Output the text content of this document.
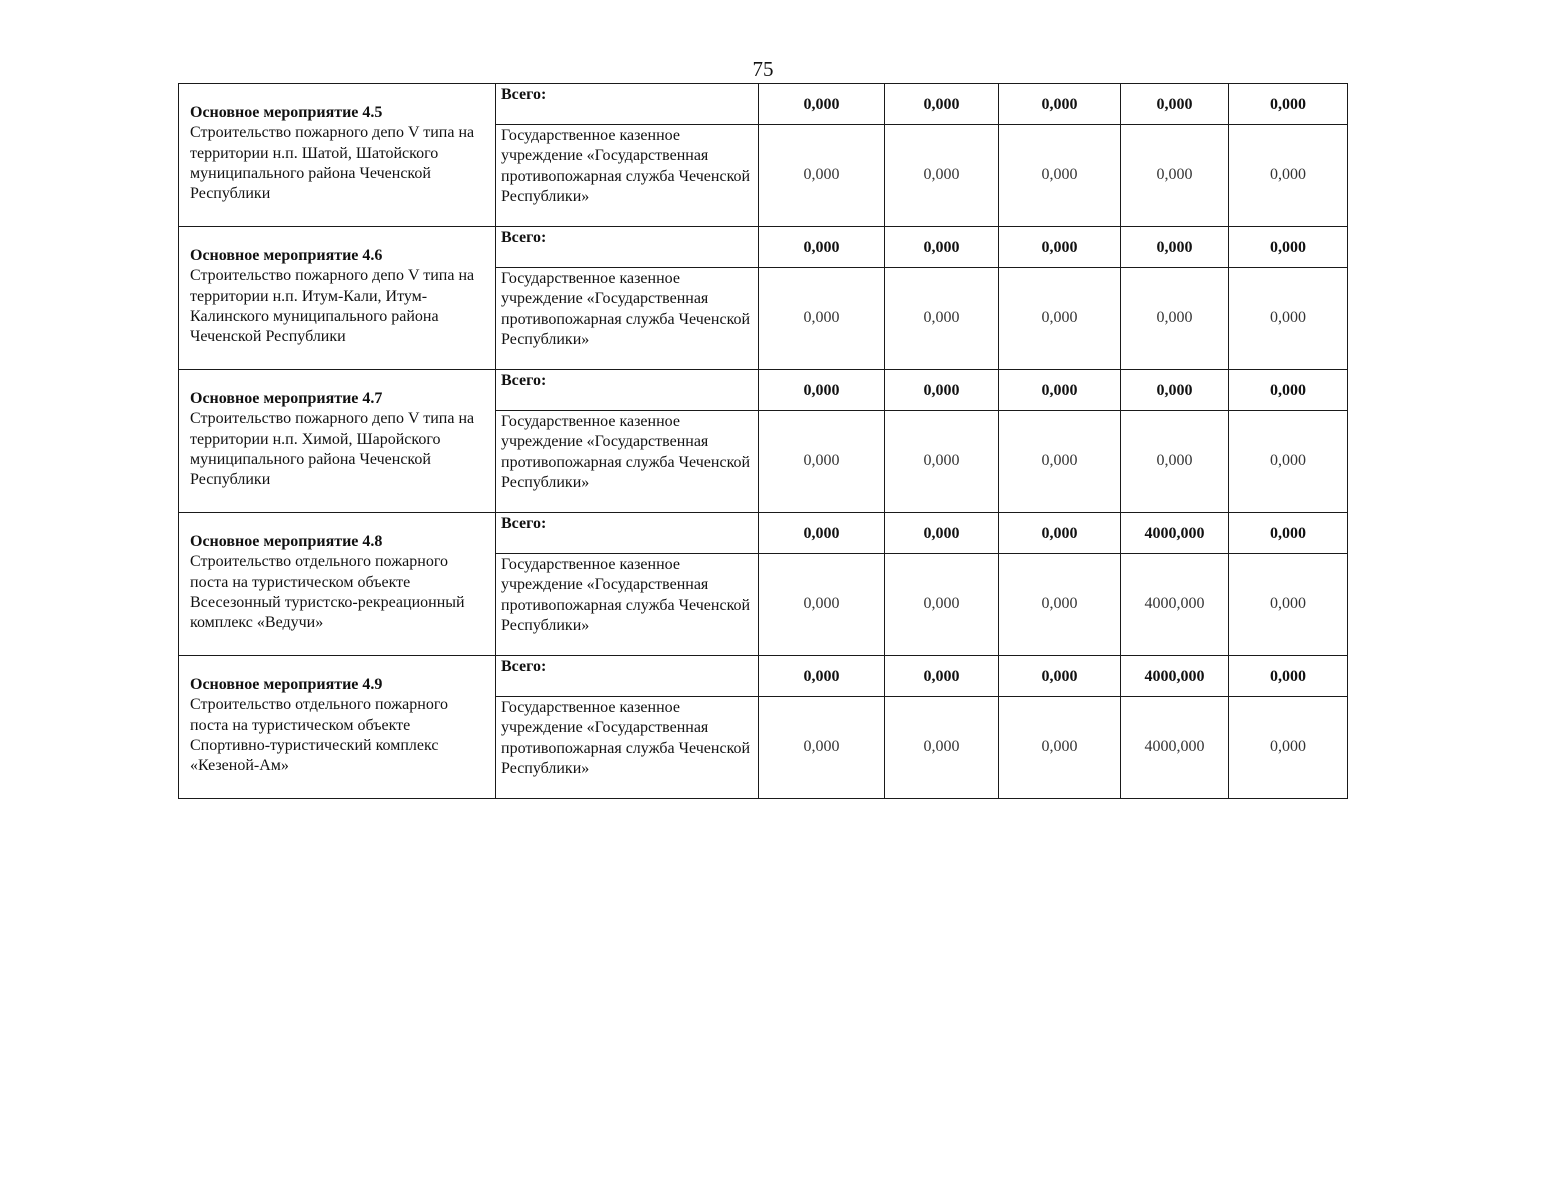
75
Основное мероприятие 4.5
Строительство пожарного депо V типа на территории н.п. Шатой, Шатойского муниципального района Чеченской Республики	Всего:	0,000	0,000	0,000	0,000	0,000
	Государственное казенное учреждение «Государственная противопожарная служба Чеченской Республики»	0,000	0,000	0,000	0,000	0,000

Основное мероприятие 4.6
Строительство пожарного депо V типа на территории н.п. Итум-Кали, Итум-Калинского муниципального района Чеченской Республики	Всего:	0,000	0,000	0,000	0,000	0,000
	Государственное казенное учреждение «Государственная противопожарная служба Чеченской Республики»	0,000	0,000	0,000	0,000	0,000

Основное мероприятие 4.7
Строительство пожарного депо V типа на территории н.п. Химой, Шаройского муниципального района Чеченской Республики	Всего:	0,000	0,000	0,000	0,000	0,000
	Государственное казенное учреждение «Государственная противопожарная служба Чеченской Республики»	0,000	0,000	0,000	0,000	0,000

Основное мероприятие 4.8
Строительство отдельного пожарного поста на туристическом объекте Всесезонный туристско-рекреационный комплекс «Ведучи»	Всего:	0,000	0,000	0,000	4000,000	0,000
	Государственное казенное учреждение «Государственная противопожарная служба Чеченской Республики»	0,000	0,000	0,000	4000,000	0,000

Основное мероприятие 4.9
Строительство отдельного пожарного поста на туристическом объекте Спортивно-туристический комплекс «Кезеной-Ам»	Всего:	0,000	0,000	0,000	4000,000	0,000
	Государственное казенное учреждение «Государственная противопожарная служба Чеченской Республики»	0,000	0,000	0,000	4000,000	0,000
